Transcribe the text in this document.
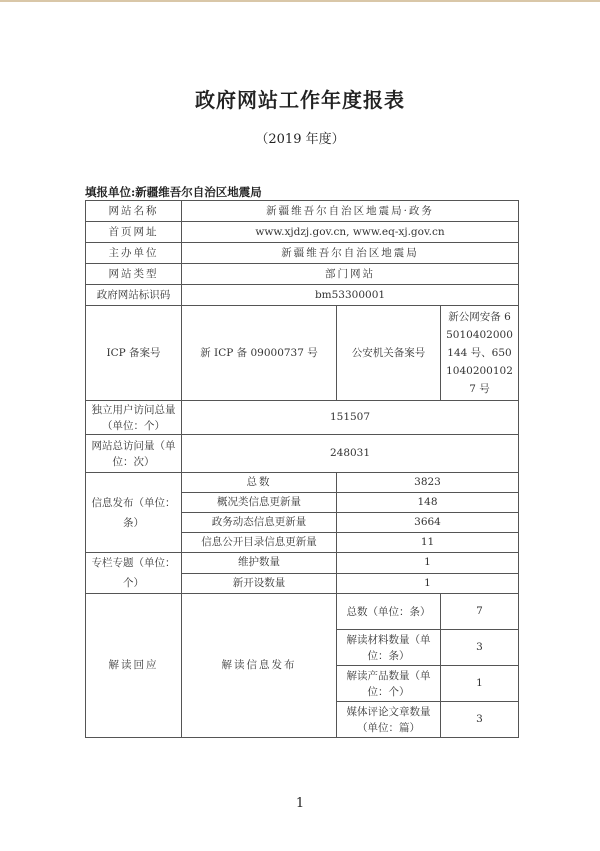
政府网站工作年度报表
（2019 年度）
填报单位:新疆维吾尔自治区地震局
网站名称	新疆维吾尔自治区地震局·政务		
首页网址	www.xjdzj.gov.cn, www.eq-xj.gov.cn		
主办单位	新疆维吾尔自治区地震局		
网站类型	部门网站		
政府网站标识码	bm53300001		
ICP 备案号	新 ICP 备 09000737 号	公安机关备案号	新公网安备 65010402000144 号、65010402001027 号
独立用户访问总量（单位：个）	151507		
网站总访问量（单位：次）	248031		
信息发布（单位：条）	总数	3823	
	概况类信息更新量	148	
	政务动态信息更新量	3664	
	信息公开目录信息更新量	11	
专栏专题（单位：个）	维护数量	1	
	新开设数量	1	
解读回应	解读信息发布	总数（单位：条）	7
		解读材料数量（单位：条）	3
		解读产品数量（单位：个）	1
		媒体评论文章数量（单位：篇）	3
1
